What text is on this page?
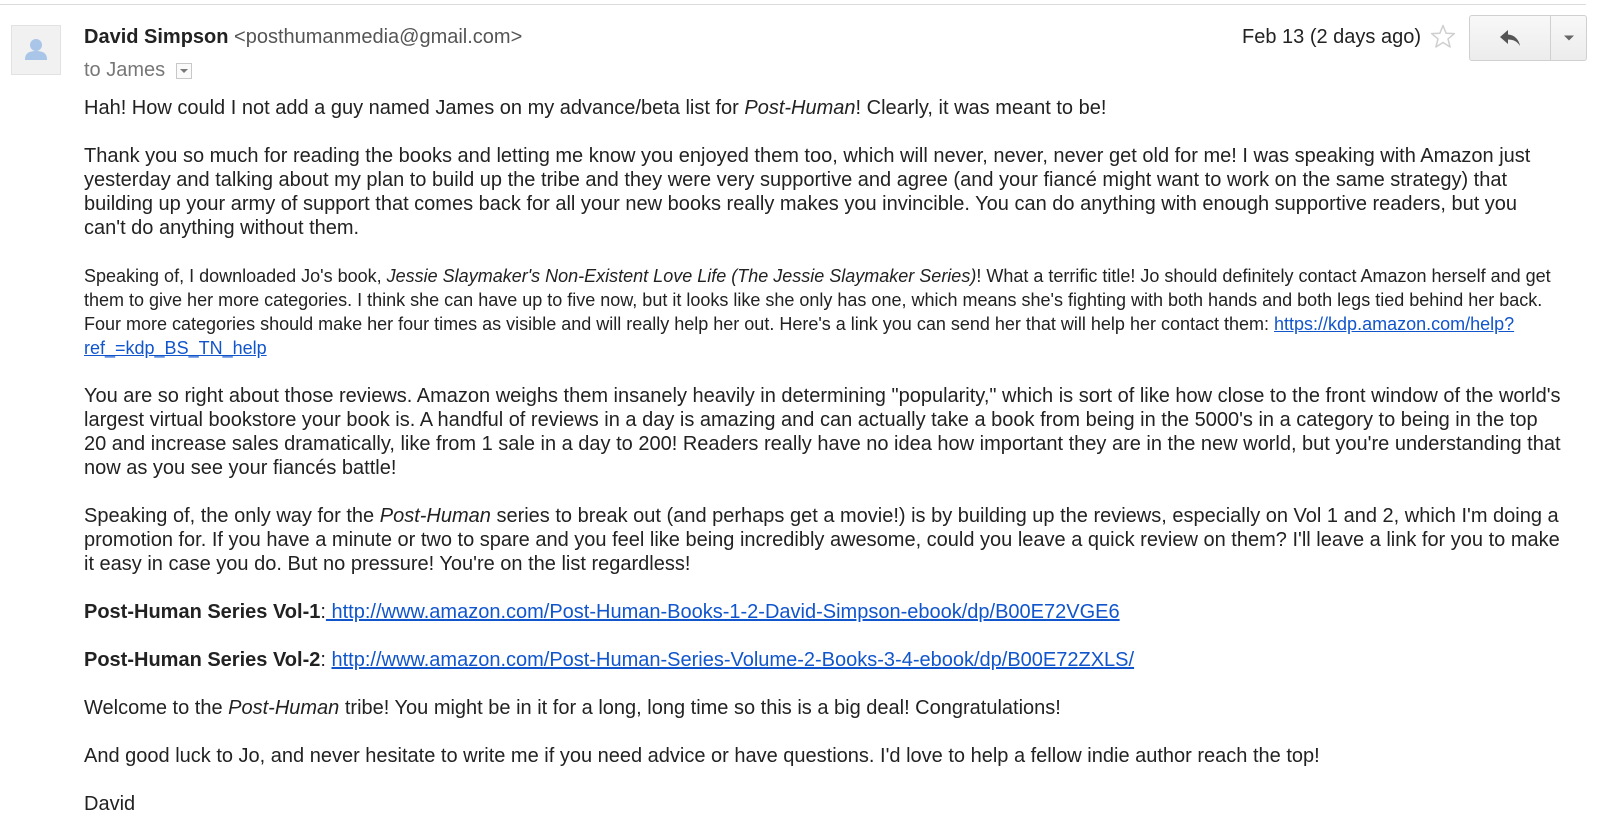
David Simpson <posthumanmedia@gmail.com>
to James
Feb 13 (2 days ago)

Hah! How could I not add a guy named James on my advance/beta list for Post-Human! Clearly, it was meant to be!

Thank you so much for reading the books and letting me know you enjoyed them too, which will never, never, never get old for me! I was speaking with Amazon just yesterday and talking about my plan to build up the tribe and they were very supportive and agree (and your fiancé might want to work on the same strategy) that building up your army of support that comes back for all your new books really makes you invincible. You can do anything with enough supportive readers, but you can't do anything without them.

Speaking of, I downloaded Jo's book, Jessie Slaymaker's Non-Existent Love Life (The Jessie Slaymaker Series)! What a terrific title! Jo should definitely contact Amazon herself and get them to give her more categories. I think she can have up to five now, but it looks like she only has one, which means she's fighting with both hands and both legs tied behind her back. Four more categories should make her four times as visible and will really help her out. Here's a link you can send her that will help her contact them: https://kdp.amazon.com/help?ref_=kdp_BS_TN_help

You are so right about those reviews. Amazon weighs them insanely heavily in determining "popularity," which is sort of like how close to the front window of the world's largest virtual bookstore your book is. A handful of reviews in a day is amazing and can actually take a book from being in the 5000's in a category to being in the top 20 and increase sales dramatically, like from 1 sale in a day to 200! Readers really have no idea how important they are in the new world, but you're understanding that now as you see your fiancés battle!

Speaking of, the only way for the Post-Human series to break out (and perhaps get a movie!) is by building up the reviews, especially on Vol 1 and 2, which I'm doing a promotion for. If you have a minute or two to spare and you feel like being incredibly awesome, could you leave a quick review on them? I'll leave a link for you to make it easy in case you do. But no pressure! You're on the list regardless!

Post-Human Series Vol-1: http://www.amazon.com/Post-Human-Books-1-2-David-Simpson-ebook/dp/B00E72VGE6

Post-Human Series Vol-2: http://www.amazon.com/Post-Human-Series-Volume-2-Books-3-4-ebook/dp/B00E72ZXLS/

Welcome to the Post-Human tribe! You might be in it for a long, long time so this is a big deal! Congratulations!

And good luck to Jo, and never hesitate to write me if you need advice or have questions. I'd love to help a fellow indie author reach the top!

David
